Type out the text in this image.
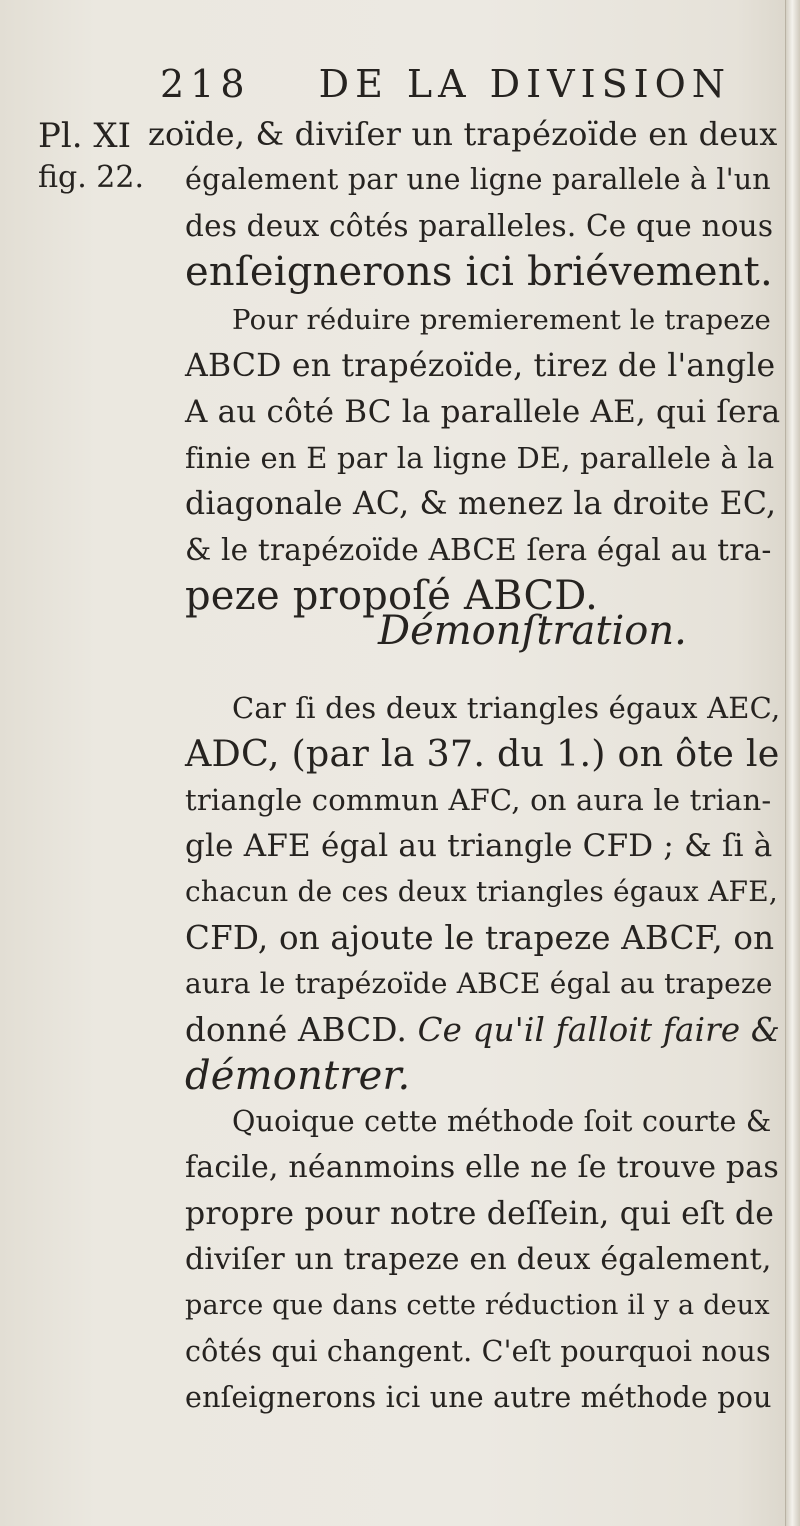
218 DE LA DIVISION
Pl. XI
fig. 22.
zoïde, & diviſer un trapézoïde en deux
également par une ligne parallele à l'un
des deux côtés paralleles. Ce que nous
enſeignerons ici briévement.
Pour réduire premierement le trapeze
ABCD en trapézoïde, tirez de l'angle
A au côté BC la parallele AE, qui ſera
finie en E par la ligne DE, parallele à la
diagonale AC, & menez la droite EC,
& le trapézoïde ABCE ſera égal au tra-
peze propoſé ABCD.
Démonſtration.
Car ſi des deux triangles égaux AEC,
ADC, (par la 37. du 1.) on ôte le
triangle commun AFC, on aura le trian-
gle AFE égal au triangle CFD ; & ſi à
chacun de ces deux triangles égaux AFE,
CFD, on ajoute le trapeze ABCF, on
aura le trapézoïde ABCE égal au trapeze
donné ABCD. Ce qu'il falloit faire &
démontrer.
Quoique cette méthode ſoit courte &
facile, néanmoins elle ne ſe trouve pas
propre pour notre deſſein, qui eſt de
diviſer un trapeze en deux également,
parce que dans cette réduction il y a deux
côtés qui changent. C'eſt pourquoi nous
enſeignerons ici une autre méthode pou
